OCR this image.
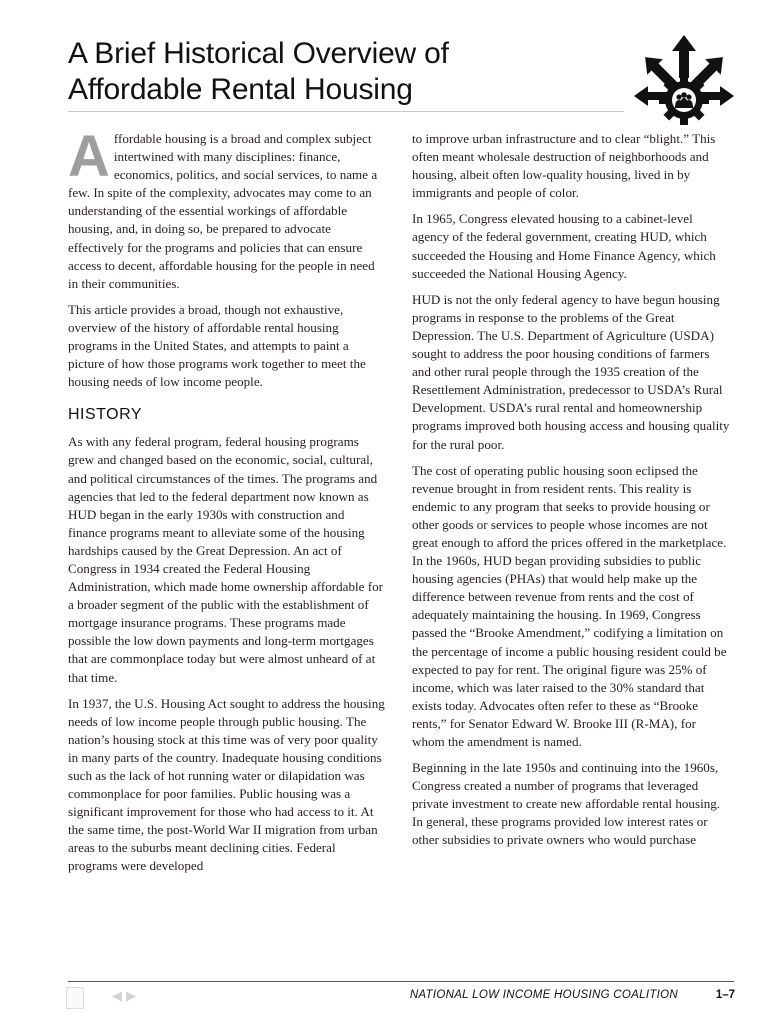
A Brief Historical Overview of
Affordable Rental Housing

Affordable housing is a broad and complex subject intertwined with many disciplines: finance, economics, politics, and social services, to name a few. In spite of the complexity, advocates may come to an understanding of the essential workings of affordable housing, and, in doing so, be prepared to advocate effectively for the programs and policies that can ensure access to decent, affordable housing for the people in need in their communities.

This article provides a broad, though not exhaustive, overview of the history of affordable rental housing programs in the United States, and attempts to paint a picture of how those programs work together to meet the housing needs of low income people.

HISTORY

As with any federal program, federal housing programs grew and changed based on the economic, social, cultural, and political circumstances of the times. The programs and agencies that led to the federal department now known as HUD began in the early 1930s with construction and finance programs meant to alleviate some of the housing hardships caused by the Great Depression. An act of Congress in 1934 created the Federal Housing Administration, which made home ownership affordable for a broader segment of the public with the establishment of mortgage insurance programs. These programs made possible the low down payments and long-term mortgages that are commonplace today but were almost unheard of at that time.

In 1937, the U.S. Housing Act sought to address the housing needs of low income people through public housing. The nation’s housing stock at this time was of very poor quality in many parts of the country. Inadequate housing conditions such as the lack of hot running water or dilapidation was commonplace for poor families. Public housing was a significant improvement for those who had access to it. At the same time, the post-World War II migration from urban areas to the suburbs meant declining cities. Federal programs were developed

to improve urban infrastructure and to clear “blight.” This often meant wholesale destruction of neighborhoods and housing, albeit often low-quality housing, lived in by immigrants and people of color.

In 1965, Congress elevated housing to a cabinet-level agency of the federal government, creating HUD, which succeeded the Housing and Home Finance Agency, which succeeded the National Housing Agency.

HUD is not the only federal agency to have begun housing programs in response to the problems of the Great Depression. The U.S. Department of Agriculture (USDA) sought to address the poor housing conditions of farmers and other rural people through the 1935 creation of the Resettlement Administration, predecessor to USDA’s Rural Development. USDA’s rural rental and homeownership programs improved both housing access and housing quality for the rural poor.

The cost of operating public housing soon eclipsed the revenue brought in from resident rents. This reality is endemic to any program that seeks to provide housing or other goods or services to people whose incomes are not great enough to afford the prices offered in the marketplace. In the 1960s, HUD began providing subsidies to public housing agencies (PHAs) that would help make up the difference between revenue from rents and the cost of adequately maintaining the housing. In 1969, Congress passed the “Brooke Amendment,” codifying a limitation on the percentage of income a public housing resident could be expected to pay for rent. The original figure was 25% of income, which was later raised to the 30% standard that exists today. Advocates often refer to these as “Brooke rents,” for Senator Edward W. Brooke III (R-MA), for whom the amendment is named.

Beginning in the late 1950s and continuing into the 1960s, Congress created a number of programs that leveraged private investment to create new affordable rental housing. In general, these programs provided low interest rates or other subsidies to private owners who would purchase

◀ ▶	NATIONAL LOW INCOME HOUSING COALITION	1–7
